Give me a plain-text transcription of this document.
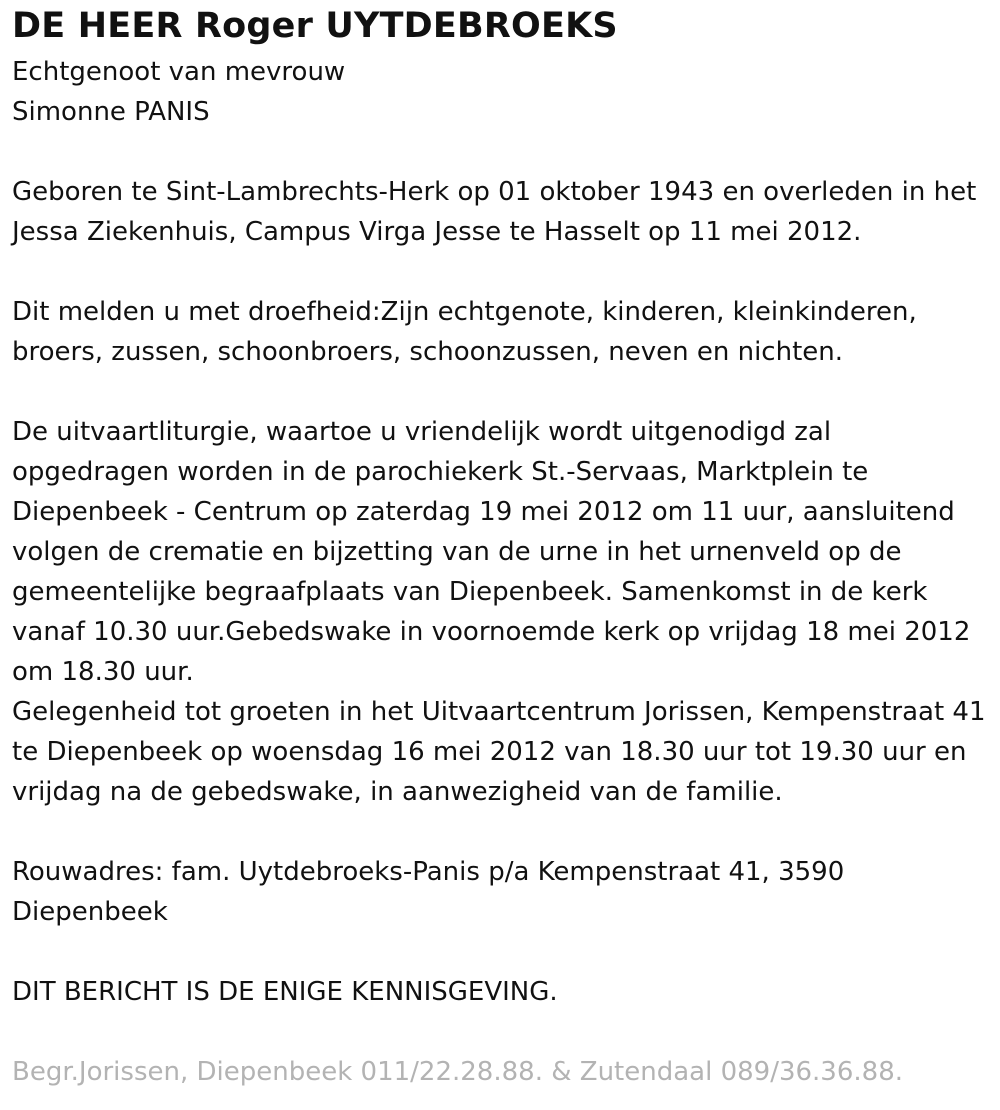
DE HEER Roger UYTDEBROEKS

Echtgenoot van mevrouw

Simonne PANIS

Geboren te Sint-Lambrechts-Herk op 01 oktober 1943 en overleden in het Jessa Ziekenhuis, Campus Virga Jesse te Hasselt op 11 mei 2012.

Dit melden u met droefheid:Zijn echtgenote, kinderen, kleinkinderen, broers, zussen, schoonbroers, schoonzussen, neven en nichten.

De uitvaartliturgie, waartoe u vriendelijk wordt uitgenodigd zal opgedragen worden in de parochiekerk St.-Servaas, Marktplein te Diepenbeek - Centrum op zaterdag 19 mei 2012 om 11 uur, aansluitend volgen de crematie en bijzetting van de urne in het urnenveld op de gemeentelijke begraafplaats van Diepenbeek. Samenkomst in de kerk vanaf 10.30 uur.Gebedswake in voornoemde kerk op vrijdag 18 mei 2012 om 18.30 uur.

Gelegenheid tot groeten in het Uitvaartcentrum Jorissen, Kempenstraat 41 te Diepenbeek op woensdag 16 mei 2012 van 18.30 uur tot 19.30 uur en vrijdag na de gebedswake, in aanwezigheid van de familie.

Rouwadres: fam. Uytdebroeks-Panis p/a Kempenstraat 41, 3590 Diepenbeek

DIT BERICHT IS DE ENIGE KENNISGEVING.

Begr.Jorissen, Diepenbeek 011/22.28.88. & Zutendaal 089/36.36.88.
